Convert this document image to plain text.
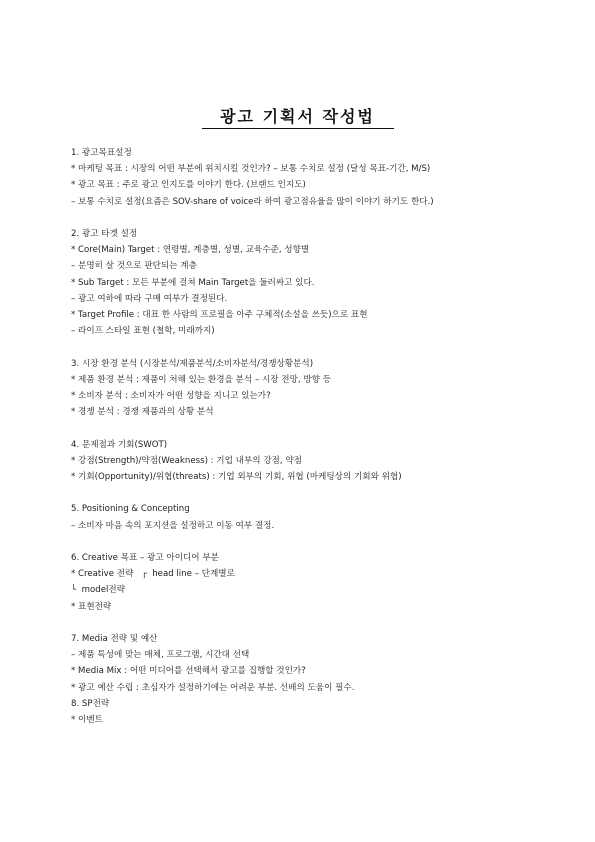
광고 기획서 작성법
1. 광고목표설정
* 마케팅 목표 : 시장의 어떤 부분에 위치시킬 것인가? – 보통 수치로 설정 (달성 목표-기간, M/S)
* 광고 목표 : 주로 광고 인지도를 이야기 한다. (브랜드 인지도)
– 보통 수치로 설정(요즘은 SOV-share of voice라 하여 광고점유율을 많이 이야기 하기도 한다.)
2. 광고 타겟 설정
* Core(Main) Target : 연령별, 계층별, 성별, 교육수준, 성향별
– 분명히 살 것으로 판단되는 계층
* Sub Target : 모든 부분에 걸쳐 Main Target을 둘러싸고 있다.
– 광고 여하에 따라 구매 여부가 결정된다.
* Target Profile : 대표 한 사람의 프로필을 아주 구체적(소설을 쓰듯)으로 표현
– 라이프 스타일 표현 (철학, 미래까지)
3. 시장 환경 분석 (시장분석/제품분석/소비자분석/경쟁상황분석)
* 제품 환경 분석 : 제품이 처해 있는 환경을 분석 – 시장 전망, 방향 등
* 소비자 분석 : 소비자가 어떤 성향을 지니고 있는가?
* 경쟁 분석 : 경쟁 제품과의 상황 분석
4. 문제점과 기회(SWOT)
* 강점(Strength)/약점(Weakness) : 기업 내부의 강점, 약점
* 기회(Opportunity)/위협(threats) : 기업 외부의 기회, 위협 (마케팅상의 기회와 위협)
5. Positioning & Concepting
– 소비자 마음 속의 포지션을 설정하고 이동 여부 결정.
6. Creative 목표 – 광고 아이디어 부분
* Creative 전략   ┌  head line – 단계별로
└  model전략
* 표현전략
7. Media 전략 및 예산
– 제품 특성에 맞는 매체, 프로그램, 시간대 선택
* Media Mix : 어떤 미디어를 선택해서 광고를 집행할 것인가?
* 광고 예산 수립 : 초심자가 설정하기에는 어려운 부분. 선배의 도움이 필수.
8. SP전략
* 이벤트
